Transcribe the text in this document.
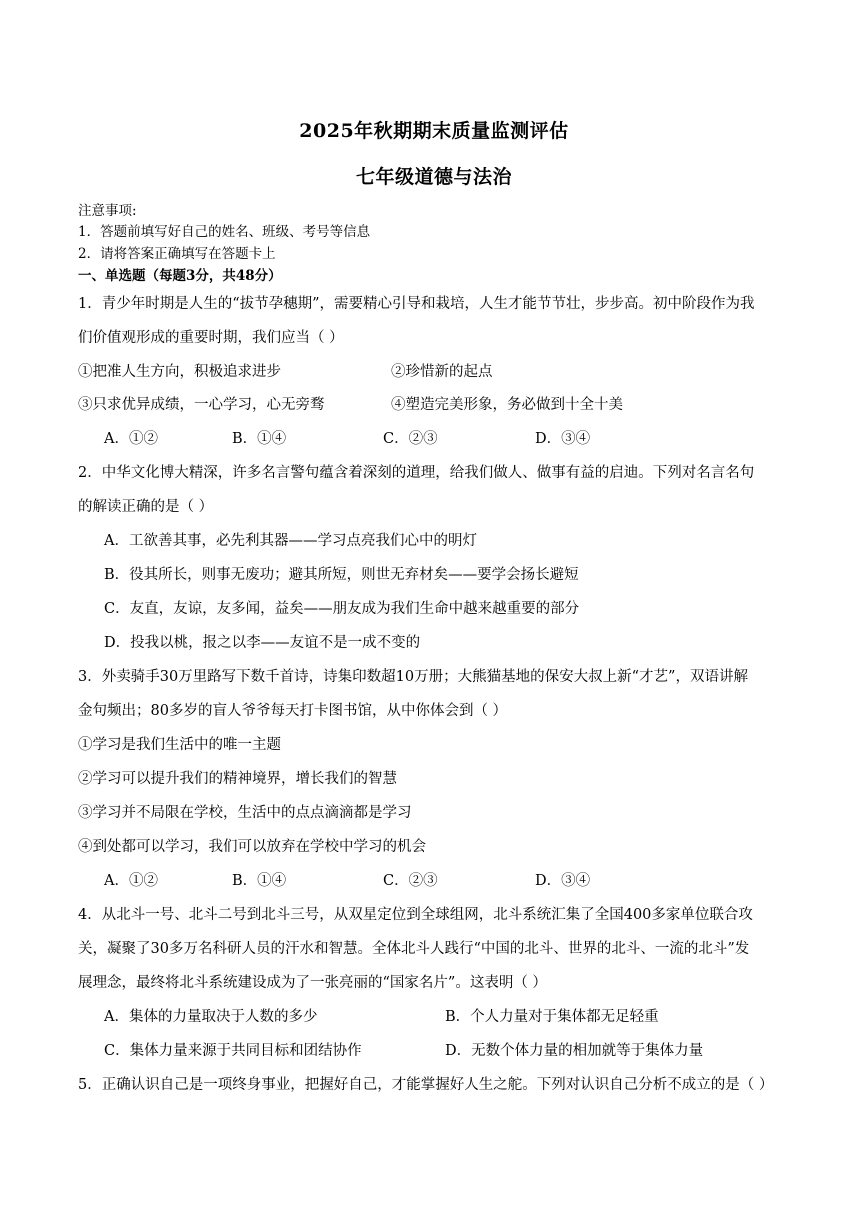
2025年秋期期末质量监测评估
七年级道德与法治
注意事项:
1．答题前填写好自己的姓名、班级、考号等信息
2．请将答案正确填写在答题卡上
一、单选题（每题3分，共48分）
1．青少年时期是人生的“拔节孕穗期”，需要精心引导和栽培，人生才能节节壮，步步高。初中阶段作为我
们价值观形成的重要时期，我们应当（ ）
①把准人生方向，积极追求进步	②珍惜新的起点
③只求优异成绩，一心学习，心无旁骛	④塑造完美形象，务必做到十全十美
A．①②	B．①④	C．②③	D．③④
2．中华文化博大精深，许多名言警句蕴含着深刻的道理，给我们做人、做事有益的启迪。下列对名言名句
的解读正确的是（ ）
A．工欲善其事，必先利其器——学习点亮我们心中的明灯
B．役其所长，则事无废功；避其所短，则世无弃材矣——要学会扬长避短
C．友直，友谅，友多闻，益矣——朋友成为我们生命中越来越重要的部分
D．投我以桃，报之以李——友谊不是一成不变的
3．外卖骑手30万里路写下数千首诗，诗集印数超10万册；大熊猫基地的保安大叔上新“才艺”，双语讲解
金句频出；80多岁的盲人爷爷每天打卡图书馆，从中你体会到（ ）
①学习是我们生活中的唯一主题
②学习可以提升我们的精神境界，增长我们的智慧
③学习并不局限在学校，生活中的点点滴滴都是学习
④到处都可以学习，我们可以放弃在学校中学习的机会
A．①②	B．①④	C．②③	D．③④
4．从北斗一号、北斗二号到北斗三号，从双星定位到全球组网，北斗系统汇集了全国400多家单位联合攻
关，凝聚了30多万名科研人员的汗水和智慧。全体北斗人践行“中国的北斗、世界的北斗、一流的北斗”发
展理念，最终将北斗系统建设成为了一张亮丽的“国家名片”。这表明（ ）
A．集体的力量取决于人数的多少	B．个人力量对于集体都无足轻重
C．集体力量来源于共同目标和团结协作	D．无数个体力量的相加就等于集体力量
5．正确认识自己是一项终身事业，把握好自己，才能掌握好人生之舵。下列对认识自己分析不成立的是（ ）
